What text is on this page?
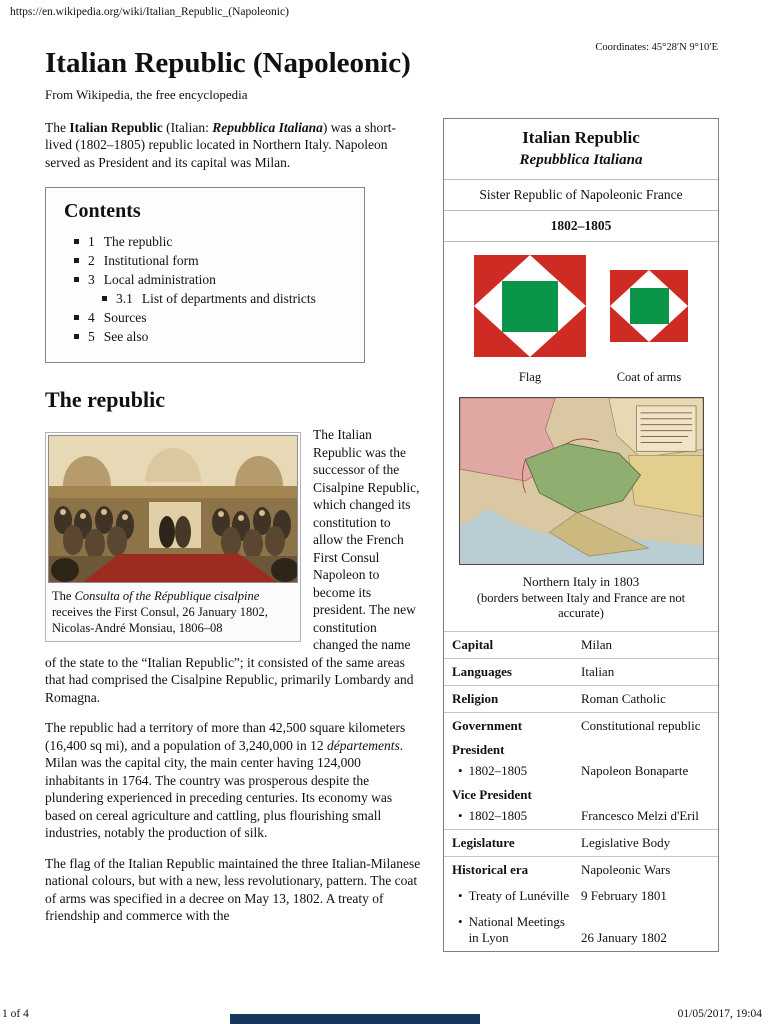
https://en.wikipedia.org/wiki/Italian_Republic_(Napoleonic)
Coordinates: 45°28′N 9°10′E
Italian Republic (Napoleonic)
From Wikipedia, the free encyclopedia

The Italian Republic (Italian: Repubblica Italiana) was a short-lived (1802–1805) republic located in Northern Italy. Napoleon served as President and its capital was Milan.

Contents
1 The republic
2 Institutional form
3 Local administration
3.1 List of departments and districts
4 Sources
5 See also
The republic
The Consulta of the République cisalpine receives the First Consul, 26 January 1802, Nicolas-André Monsiau, 1806–08
The Italian Republic was the successor of the Cisalpine Republic, which changed its constitution to allow the French First Consul Napoleon to become its president. The new constitution changed the name of the state to the “Italian Republic”; it consisted of the same areas that had comprised the Cisalpine Republic, primarily Lombardy and Romagna.

The republic had a territory of more than 42,500 square kilometers (16,400 sq mi), and a population of 3,240,000 in 12 départements. Milan was the capital city, the main center having 124,000 inhabitants in 1764. The country was prosperous despite the plundering experienced in preceding centuries. Its economy was based on cereal agriculture and cattling, plus flourishing small industries, notably the production of silk.

The flag of the Italian Republic maintained the three Italian-Milanese national colours, but with a new, less revolutionary, pattern. The coat of arms was specified in a decree on May 13, 1802. A treaty of friendship and commerce with the

Italian Republic
Repubblica Italiana
Sister Republic of Napoleonic France
1802–1805
Flag	Coat of arms
Northern Italy in 1803
(borders between Italy and France are not accurate)
Capital	Milan
Languages	Italian
Religion	Roman Catholic
Government	Constitutional republic
President
• 1802–1805	Napoleon Bonaparte
Vice President
• 1802–1805	Francesco Melzi d'Eril
Legislature	Legislative Body
Historical era	Napoleonic Wars
• Treaty of Lunéville 9 February 1801
• National Meetings in Lyon	26 January 1802
1 of 4	01/05/2017, 19:04
